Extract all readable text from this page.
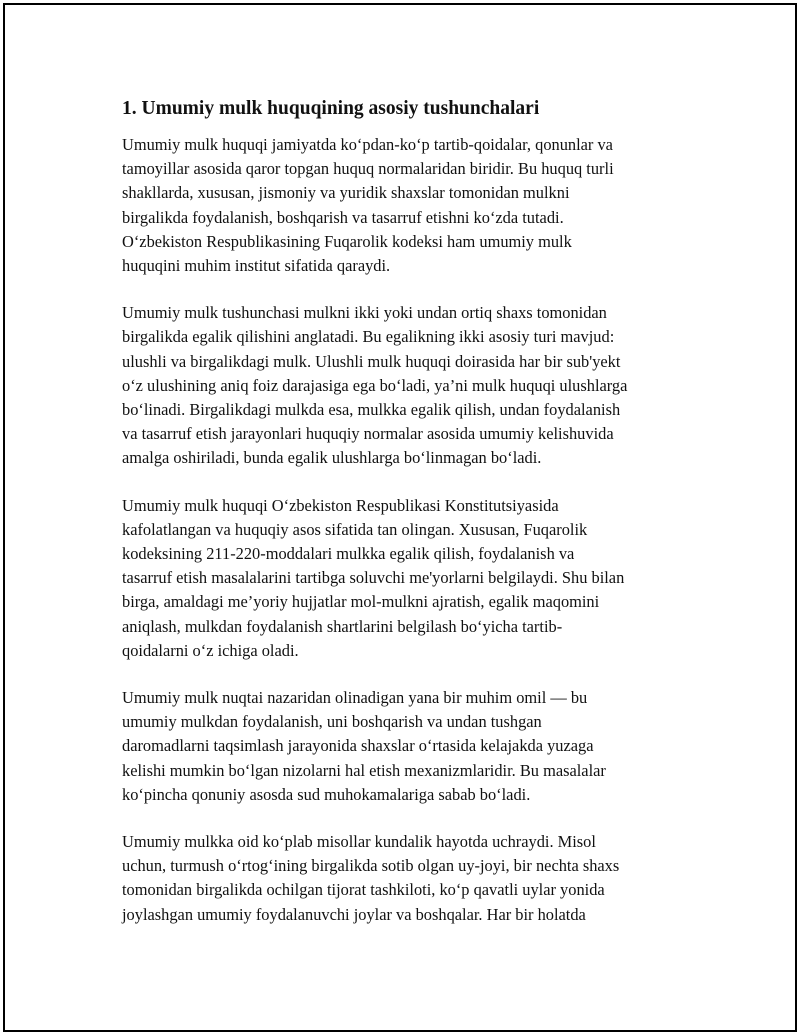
1. Umumiy mulk huquqining asosiy tushunchalari
Umumiy mulk huquqi jamiyatda ko‘pdan-ko‘p tartib-qoidalar, qonunlar va
tamoyillar asosida qaror topgan huquq normalaridan biridir. Bu huquq turli
shakllarda, xususan, jismoniy va yuridik shaxslar tomonidan mulkni
birgalikda foydalanish, boshqarish va tasarruf etishni ko‘zda tutadi.
O‘zbekiston Respublikasining Fuqarolik kodeksi ham umumiy mulk
huquqini muhim institut sifatida qaraydi.
Umumiy mulk tushunchasi mulkni ikki yoki undan ortiq shaxs tomonidan
birgalikda egalik qilishini anglatadi. Bu egalikning ikki asosiy turi mavjud:
ulushli va birgalikdagi mulk. Ulushli mulk huquqi doirasida har bir sub'yekt
o‘z ulushining aniq foiz darajasiga ega bo‘ladi, ya’ni mulk huquqi ulushlarga
bo‘linadi. Birgalikdagi mulkda esa, mulkka egalik qilish, undan foydalanish
va tasarruf etish jarayonlari huquqiy normalar asosida umumiy kelishuvida
amalga oshiriladi, bunda egalik ulushlarga bo‘linmagan bo‘ladi.
Umumiy mulk huquqi O‘zbekiston Respublikasi Konstitutsiyasida
kafolatlangan va huquqiy asos sifatida tan olingan. Xususan, Fuqarolik
kodeksining 211-220-moddalari mulkka egalik qilish, foydalanish va
tasarruf etish masalalarini tartibga soluvchi me'yorlarni belgilaydi. Shu bilan
birga, amaldagi me’yoriy hujjatlar mol-mulkni ajratish, egalik maqomini
aniqlash, mulkdan foydalanish shartlarini belgilash bo‘yicha tartib-
qoidalarni o‘z ichiga oladi.
Umumiy mulk nuqtai nazaridan olinadigan yana bir muhim omil — bu
umumiy mulkdan foydalanish, uni boshqarish va undan tushgan
daromadlarni taqsimlash jarayonida shaxslar o‘rtasida kelajakda yuzaga
kelishi mumkin bo‘lgan nizolarni hal etish mexanizmlaridir. Bu masalalar
ko‘pincha qonuniy asosda sud muhokamalariga sabab bo‘ladi.
Umumiy mulkka oid ko‘plab misollar kundalik hayotda uchraydi. Misol
uchun, turmush o‘rtog‘ining birgalikda sotib olgan uy-joyi, bir nechta shaxs
tomonidan birgalikda ochilgan tijorat tashkiloti, ko‘p qavatli uylar yonida
joylashgan umumiy foydalanuvchi joylar va boshqalar. Har bir holatda
